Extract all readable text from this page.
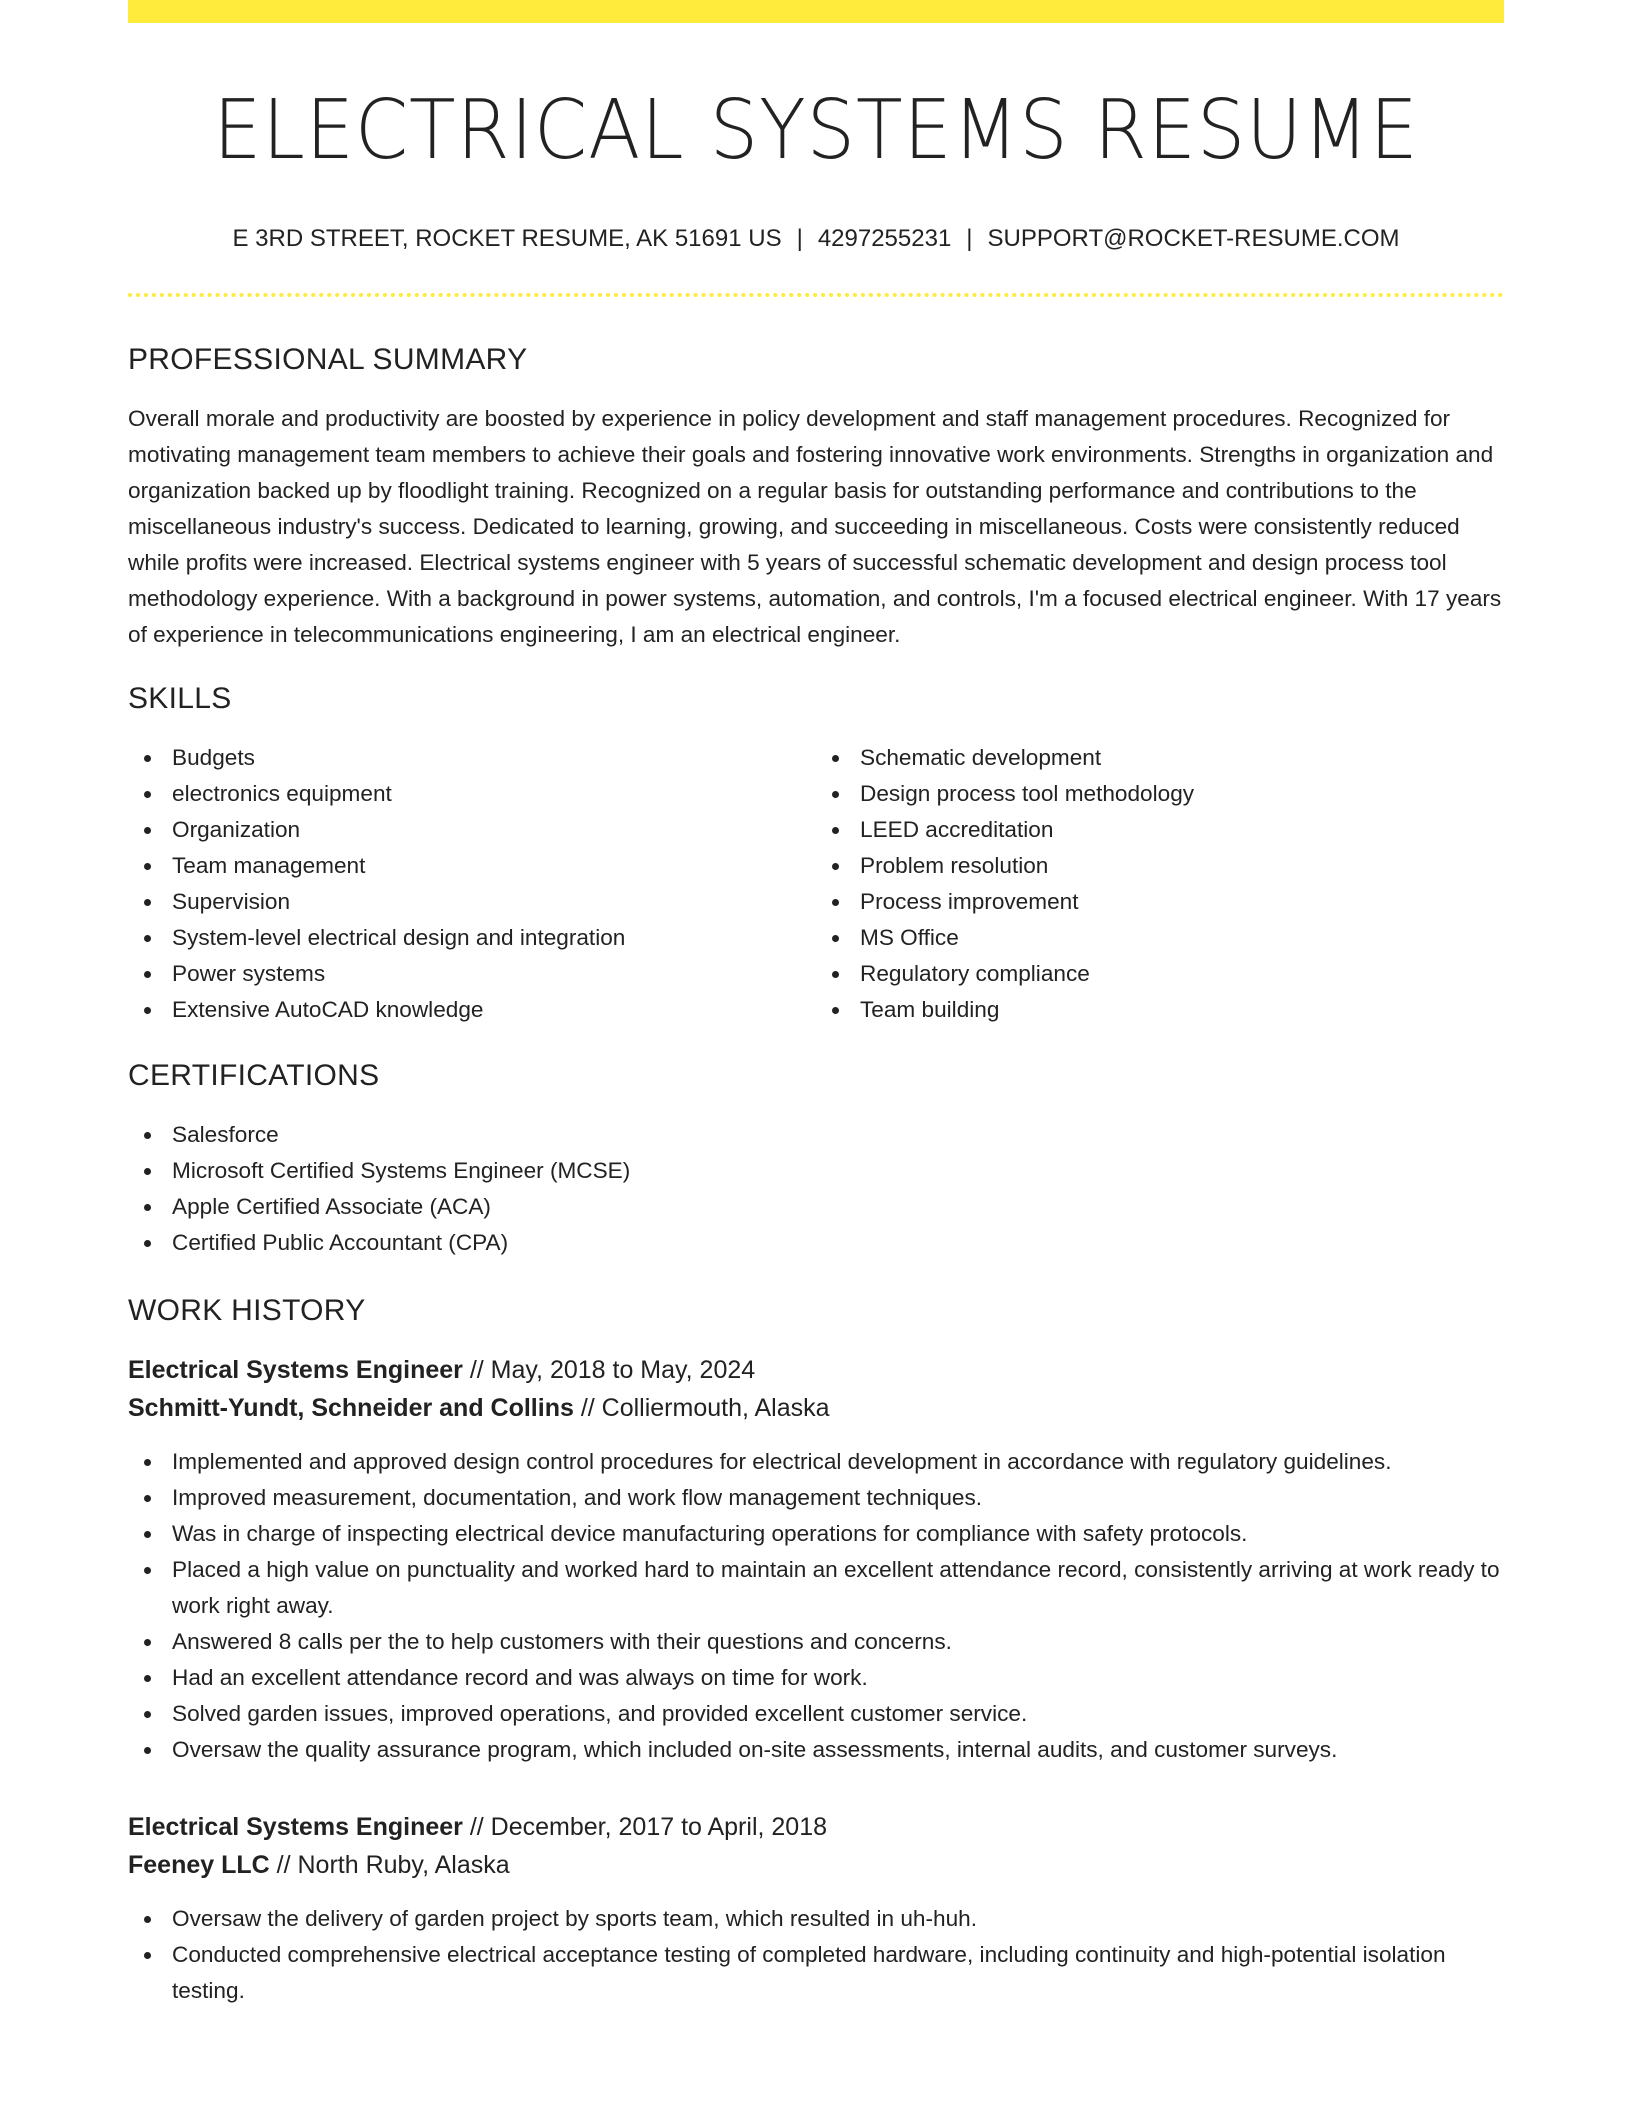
ELECTRICAL SYSTEMS RESUME
E 3RD STREET, ROCKET RESUME, AK 51691 US | 4297255231 | SUPPORT@ROCKET-RESUME.COM
PROFESSIONAL SUMMARY

Overall morale and productivity are boosted by experience in policy development and staff management procedures. Recognized for motivating management team members to achieve their goals and fostering innovative work environments. Strengths in organization and organization backed up by floodlight training. Recognized on a regular basis for outstanding performance and contributions to the miscellaneous industry's success. Dedicated to learning, growing, and succeeding in miscellaneous. Costs were consistently reduced while profits were increased. Electrical systems engineer with 5 years of successful schematic development and design process tool methodology experience. With a background in power systems, automation, and controls, I'm a focused electrical engineer. With 17 years of experience in telecommunications engineering, I am an electrical engineer.

SKILLS
Budgets
electronics equipment
Organization
Team management
Supervision
System-level electrical design and integration
Power systems
Extensive AutoCAD knowledge
Schematic development
Design process tool methodology
LEED accreditation
Problem resolution
Process improvement
MS Office
Regulatory compliance
Team building
CERTIFICATIONS
Salesforce
Microsoft Certified Systems Engineer (MCSE)
Apple Certified Associate (ACA)
Certified Public Accountant (CPA)
WORK HISTORY
Electrical Systems Engineer // May, 2018 to May, 2024
Schmitt-Yundt, Schneider and Collins // Colliermouth, Alaska
Implemented and approved design control procedures for electrical development in accordance with regulatory guidelines.
Improved measurement, documentation, and work flow management techniques.
Was in charge of inspecting electrical device manufacturing operations for compliance with safety protocols.
Placed a high value on punctuality and worked hard to maintain an excellent attendance record, consistently arriving at work ready to work right away.
Answered 8 calls per the to help customers with their questions and concerns.
Had an excellent attendance record and was always on time for work.
Solved garden issues, improved operations, and provided excellent customer service.
Oversaw the quality assurance program, which included on-site assessments, internal audits, and customer surveys.
Electrical Systems Engineer // December, 2017 to April, 2018
Feeney LLC // North Ruby, Alaska
Oversaw the delivery of garden project by sports team, which resulted in uh-huh.
Conducted comprehensive electrical acceptance testing of completed hardware, including continuity and high-potential isolation testing.
